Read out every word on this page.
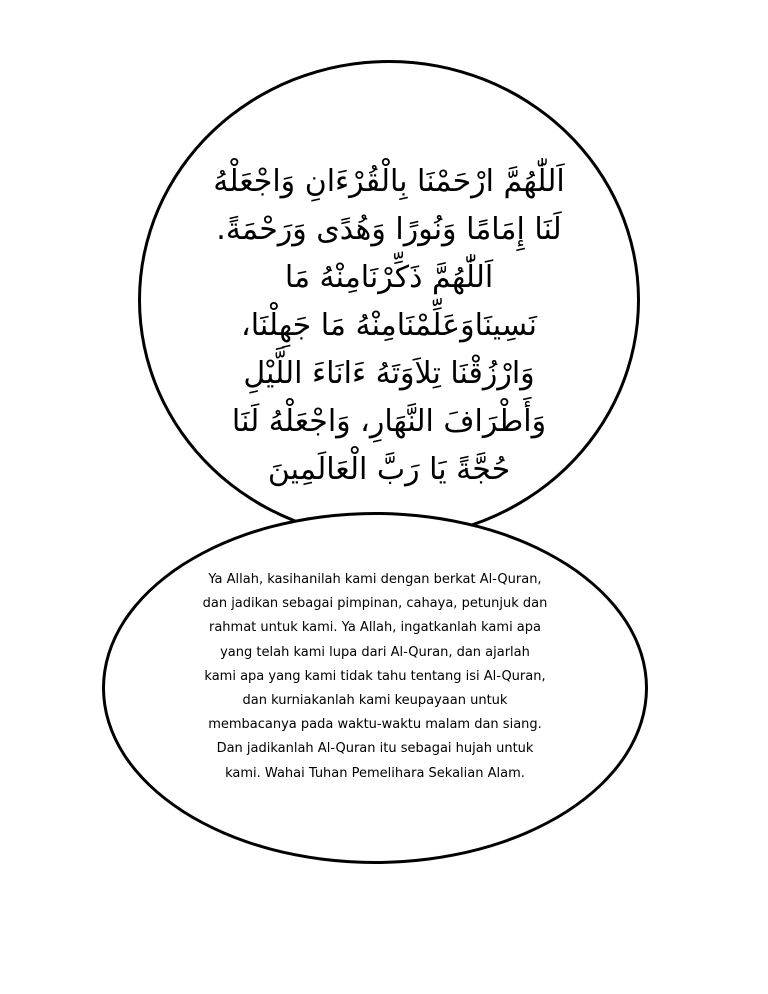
اَللّٰهُمَّ ارْحَمْنَا بِالْقُرْءَانِ وَاجْعَلْهُ
لَنَا إِمَامًا وَنُورًا وَهُدًى وَرَحْمَةً.
اَللّٰهُمَّ ذَكِّرْنَامِنْهُ مَا
نَسِينَاوَعَلِّمْنَامِنْهُ مَا جَهِلْنَا،
وَارْزُقْنَا تِلاَوَتَهُ ءَانَاءَ اللَّيْلِ
وَأَطْرَافَ النَّهَارِ، وَاجْعَلْهُ لَنَا
حُجَّةً يَا رَبَّ الْعَالَمِينَ
Ya Allah, kasihanilah kami dengan berkat Al-Quran,
dan jadikan sebagai pimpinan, cahaya, petunjuk dan
rahmat untuk kami. Ya Allah, ingatkanlah kami apa
yang telah kami lupa dari Al-Quran, dan ajarlah
kami apa yang kami tidak tahu tentang isi Al-Quran,
dan kurniakanlah kami keupayaan untuk
membacanya pada waktu-waktu malam dan siang.
Dan jadikanlah Al-Quran itu sebagai hujah untuk
kami. Wahai Tuhan Pemelihara Sekalian Alam.
